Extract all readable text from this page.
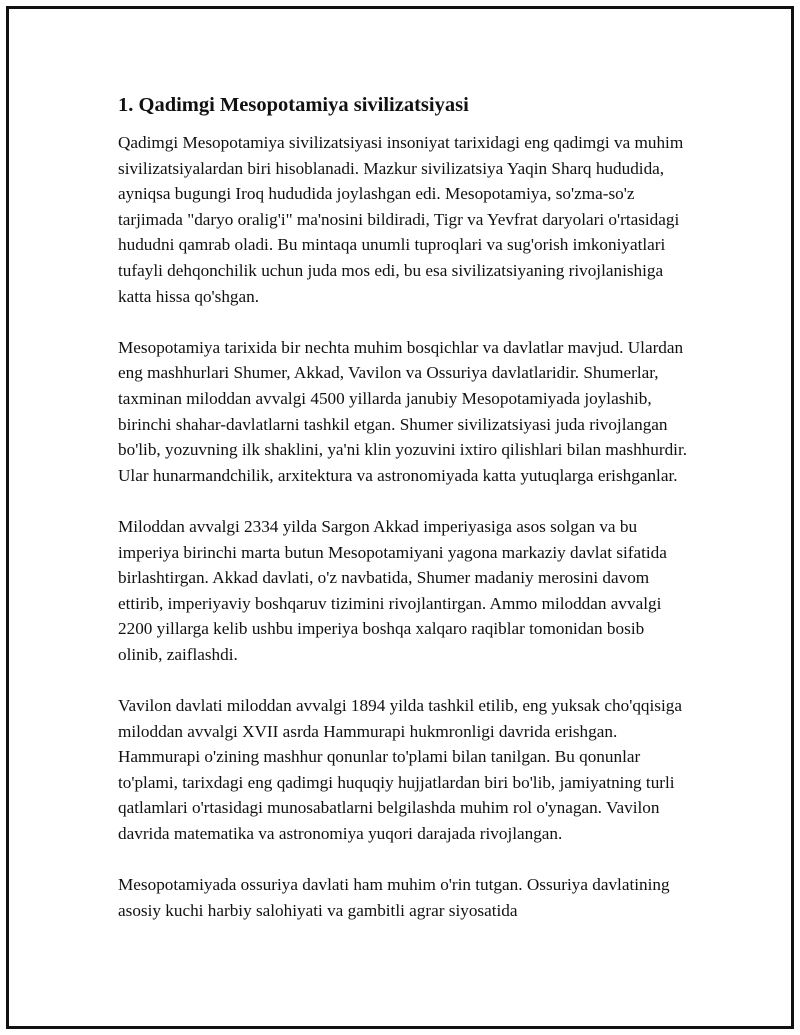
1. Qadimgi Mesopotamiya sivilizatsiyasi

Qadimgi Mesopotamiya sivilizatsiyasi insoniyat tarixidagi eng qadimgi va muhim sivilizatsiyalardan biri hisoblanadi. Mazkur sivilizatsiya Yaqin Sharq hududida, ayniqsa bugungi Iroq hududida joylashgan edi. Mesopotamiya, so'zma-so'z tarjimada "daryo oralig'i" ma'nosini bildiradi, Tigr va Yevfrat daryolari o'rtasidagi hududni qamrab oladi. Bu mintaqa unumli tuproqlari va sug'orish imkoniyatlari tufayli dehqonchilik uchun juda mos edi, bu esa sivilizatsiyaning rivojlanishiga katta hissa qo'shgan.

Mesopotamiya tarixida bir nechta muhim bosqichlar va davlatlar mavjud. Ulardan eng mashhurlari Shumer, Akkad, Vavilon va Ossuriya davlatlaridir. Shumerlar, taxminan miloddan avvalgi 4500 yillarda janubiy Mesopotamiyada joylashib, birinchi shahar-davlatlarni tashkil etgan. Shumer sivilizatsiyasi juda rivojlangan bo'lib, yozuvning ilk shaklini, ya'ni klin yozuvini ixtiro qilishlari bilan mashhurdir. Ular hunarmandchilik, arxitektura va astronomiyada katta yutuqlarga erishganlar.

Miloddan avvalgi 2334 yilda Sargon Akkad imperiyasiga asos solgan va bu imperiya birinchi marta butun Mesopotamiyani yagona markaziy davlat sifatida birlashtirgan. Akkad davlati, o'z navbatida, Shumer madaniy merosini davom ettirib, imperiyaviy boshqaruv tizimini rivojlantirgan. Ammo miloddan avvalgi 2200 yillarga kelib ushbu imperiya boshqa xalqaro raqiblar tomonidan bosib olinib, zaiflashdi.

Vavilon davlati miloddan avvalgi 1894 yilda tashkil etilib, eng yuksak cho'qqisiga miloddan avvalgi XVII asrda Hammurapi hukmronligi davrida erishgan. Hammurapi o'zining mashhur qonunlar to'plami bilan tanilgan. Bu qonunlar to'plami, tarixdagi eng qadimgi huquqiy hujjatlardan biri bo'lib, jamiyatning turli qatlamlari o'rtasidagi munosabatlarni belgilashda muhim rol o'ynagan. Vavilon davrida matematika va astronomiya yuqori darajada rivojlangan.

Mesopotamiyada ossuriya davlati ham muhim o'rin tutgan. Ossuriya davlatining asosiy kuchi harbiy salohiyati va gambitli agrar siyosatida
